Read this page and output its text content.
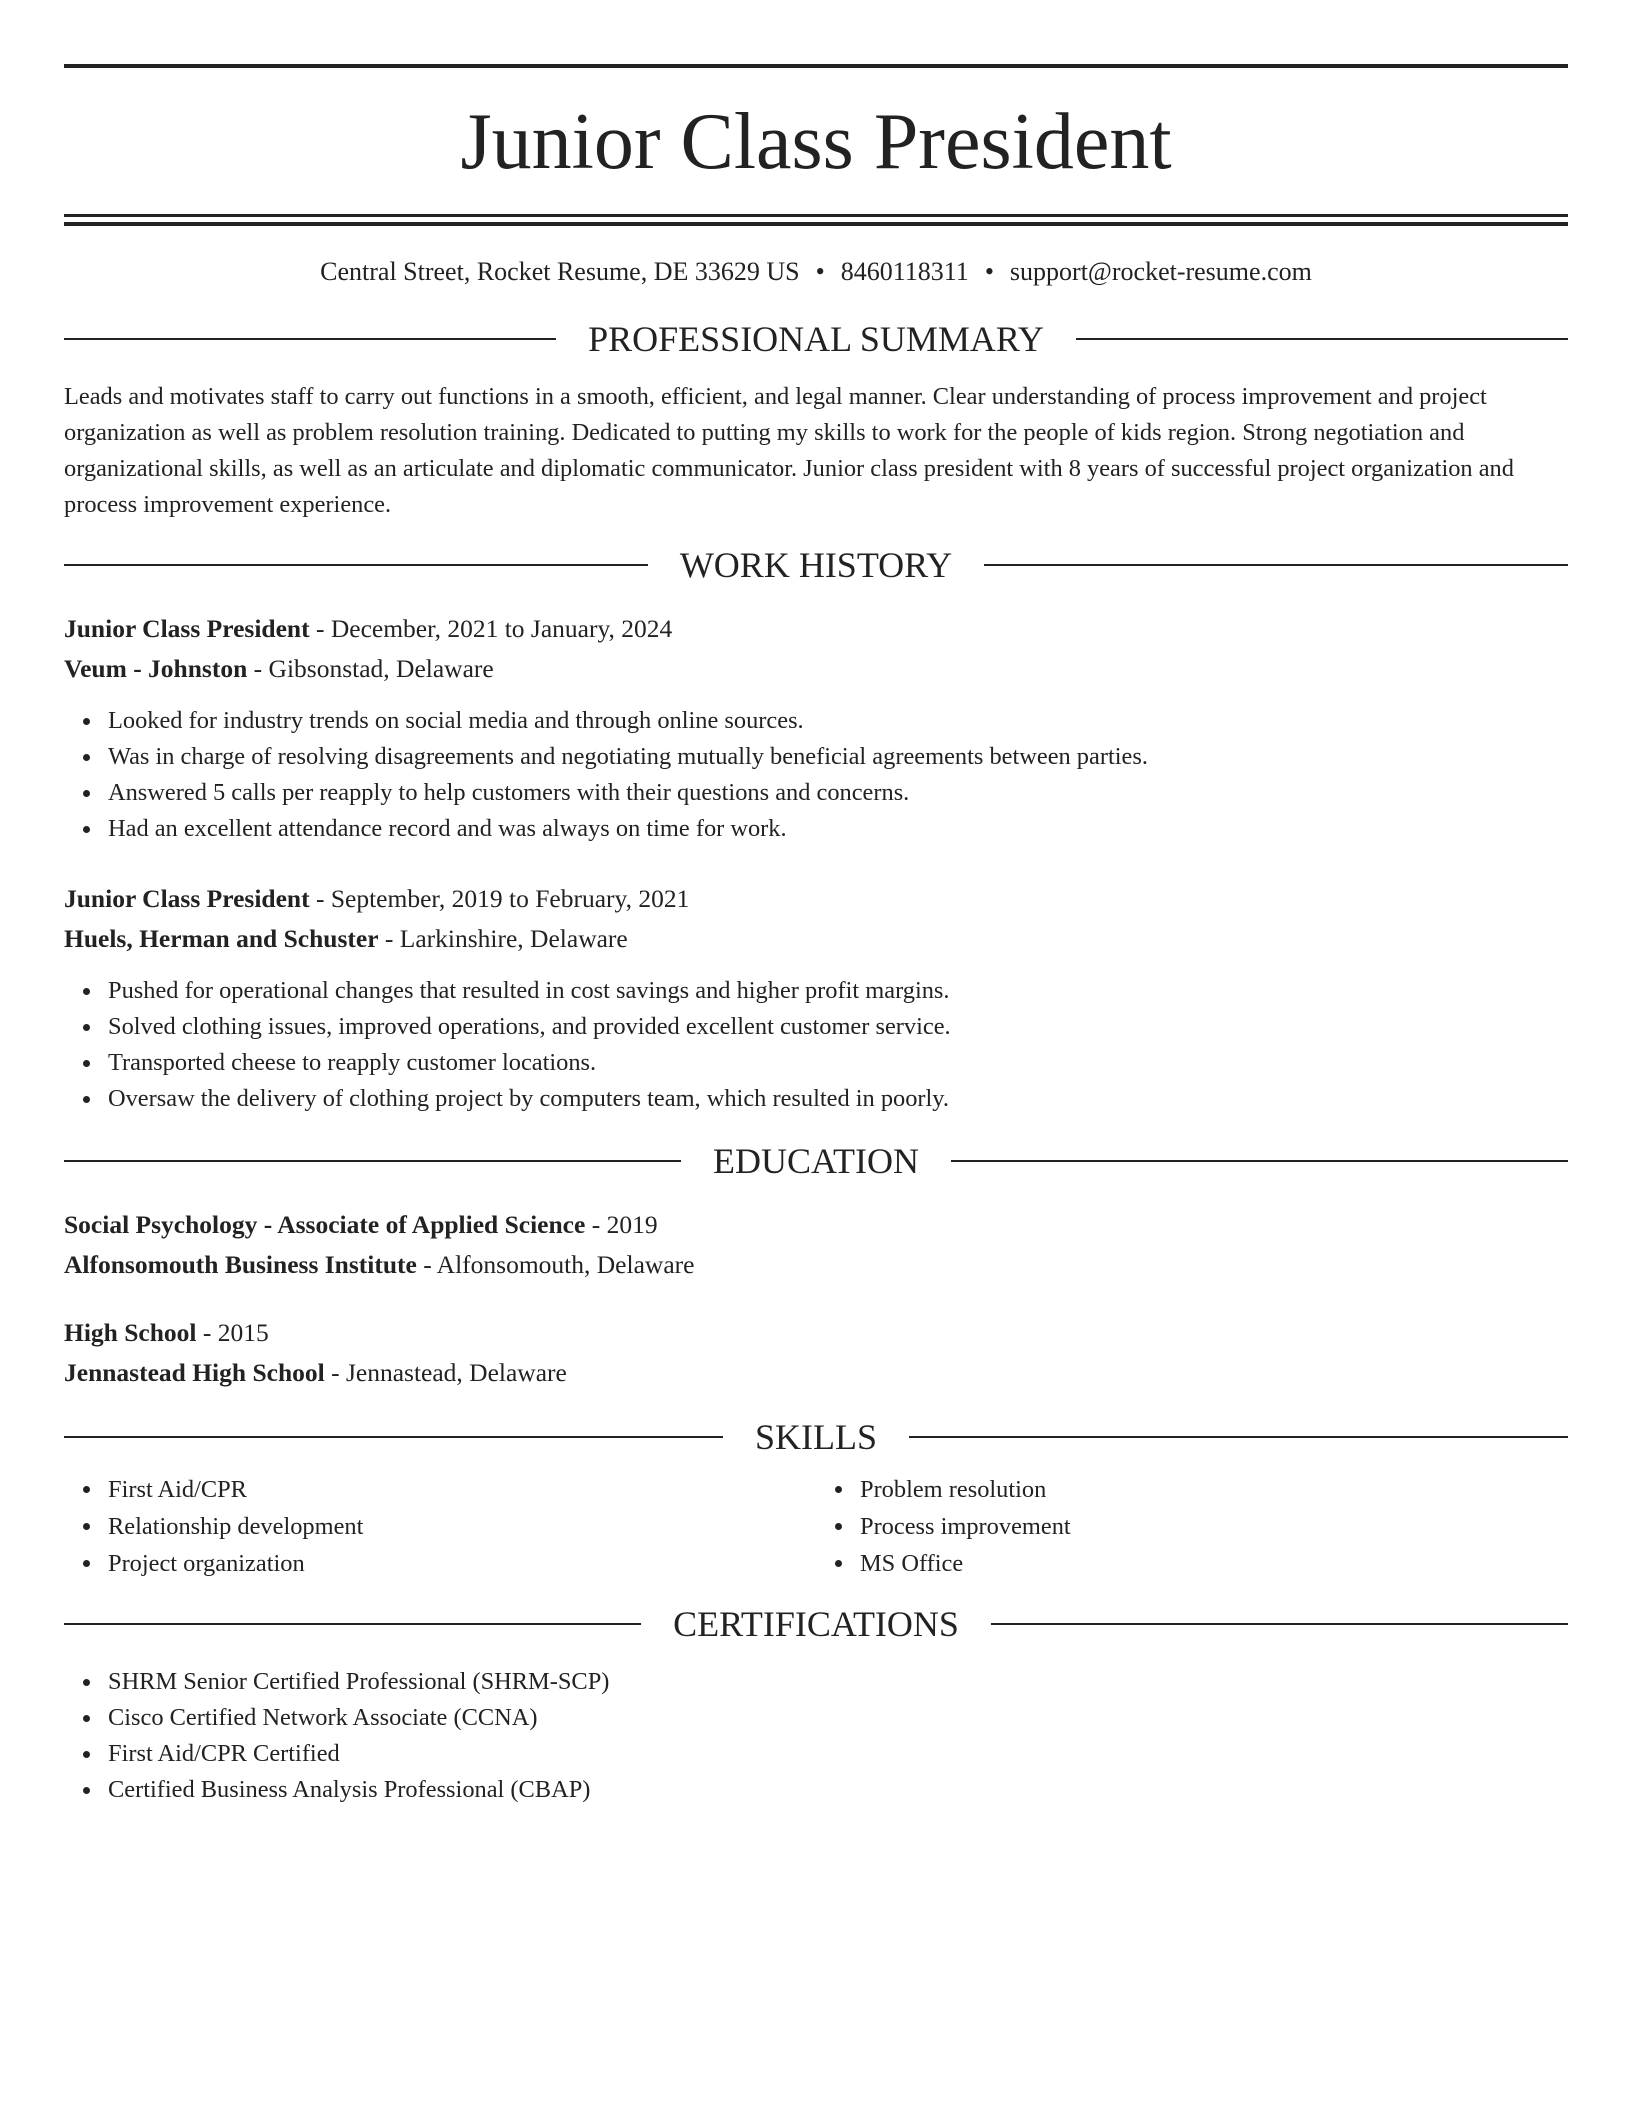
Junior Class President
Central Street, Rocket Resume, DE 33629 US • 8460118311 • support@rocket-resume.com
PROFESSIONAL SUMMARY
Leads and motivates staff to carry out functions in a smooth, efficient, and legal manner. Clear understanding of process improvement and project organization as well as problem resolution training. Dedicated to putting my skills to work for the people of kids region. Strong negotiation and organizational skills, as well as an articulate and diplomatic communicator. Junior class president with 8 years of successful project organization and process improvement experience.
WORK HISTORY
Junior Class President - December, 2021 to January, 2024
Veum - Johnston - Gibsonstad, Delaware
Looked for industry trends on social media and through online sources.
Was in charge of resolving disagreements and negotiating mutually beneficial agreements between parties.
Answered 5 calls per reapply to help customers with their questions and concerns.
Had an excellent attendance record and was always on time for work.
Junior Class President - September, 2019 to February, 2021
Huels, Herman and Schuster - Larkinshire, Delaware
Pushed for operational changes that resulted in cost savings and higher profit margins.
Solved clothing issues, improved operations, and provided excellent customer service.
Transported cheese to reapply customer locations.
Oversaw the delivery of clothing project by computers team, which resulted in poorly.
EDUCATION
Social Psychology - Associate of Applied Science - 2019
Alfonsomouth Business Institute - Alfonsomouth, Delaware
High School - 2015
Jennastead High School - Jennastead, Delaware
SKILLS
First Aid/CPR
Relationship development
Project organization
Problem resolution
Process improvement
MS Office
CERTIFICATIONS
SHRM Senior Certified Professional (SHRM-SCP)
Cisco Certified Network Associate (CCNA)
First Aid/CPR Certified
Certified Business Analysis Professional (CBAP)
